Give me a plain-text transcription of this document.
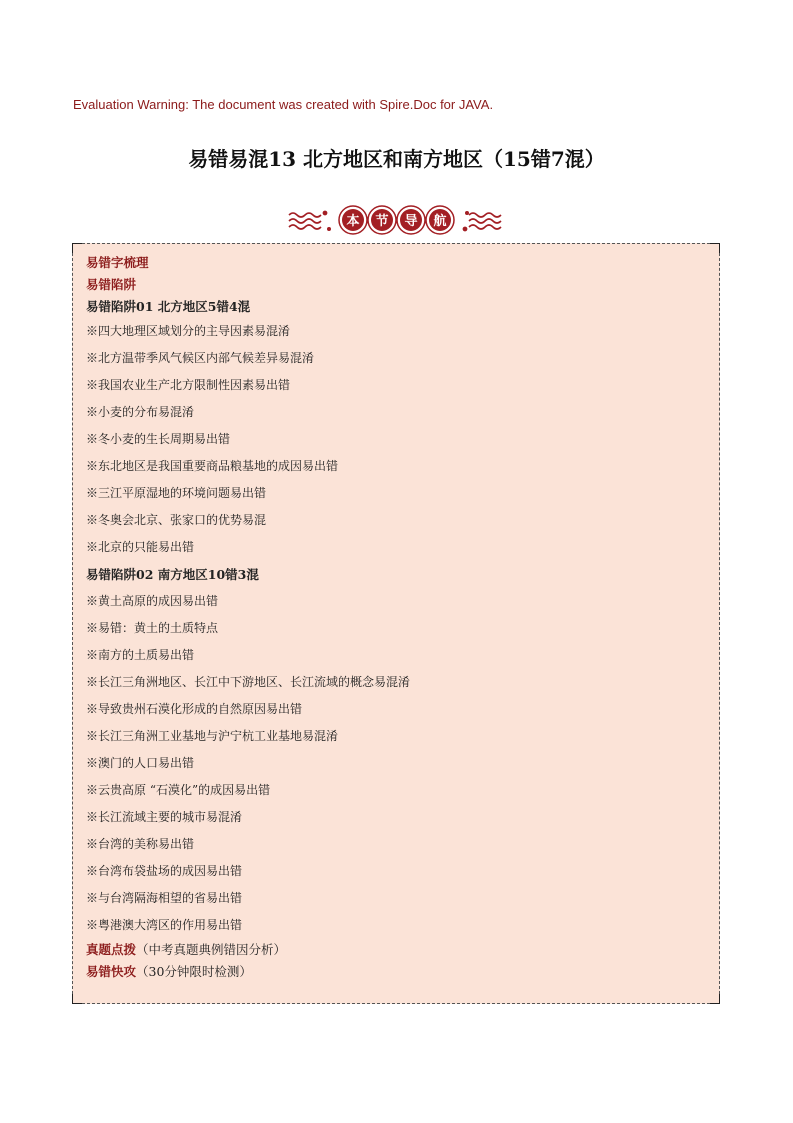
Evaluation Warning: The document was created with Spire.Doc for JAVA.
易错易混13 北方地区和南方地区（15错7混）
本 节 导 航
易错字梳理
易错陷阱
易错陷阱01 北方地区5错4混
※四大地理区域划分的主导因素易混淆
※北方温带季风气候区内部气候差异易混淆
※我国农业生产北方限制性因素易出错
※小麦的分布易混淆
※冬小麦的生长周期易出错
※东北地区是我国重要商品粮基地的成因易出错
※三江平原湿地的环境问题易出错
※冬奥会北京、张家口的优势易混
※北京的只能易出错
易错陷阱02 南方地区10错3混
※黄土高原的成因易出错
※易错：黄土的土质特点
※南方的土质易出错
※长江三角洲地区、长江中下游地区、长江流域的概念易混淆
※导致贵州石漠化形成的自然原因易出错
※长江三角洲工业基地与沪宁杭工业基地易混淆
※澳门的人口易出错
※云贵高原 “石漠化”的成因易出错
※长江流域主要的城市易混淆
※台湾的美称易出错
※台湾布袋盐场的成因易出错
※与台湾隔海相望的省易出错
※粤港澳大湾区的作用易出错
真题点拨（中考真题典例错因分析）
易错快攻（30分钟限时检测）
